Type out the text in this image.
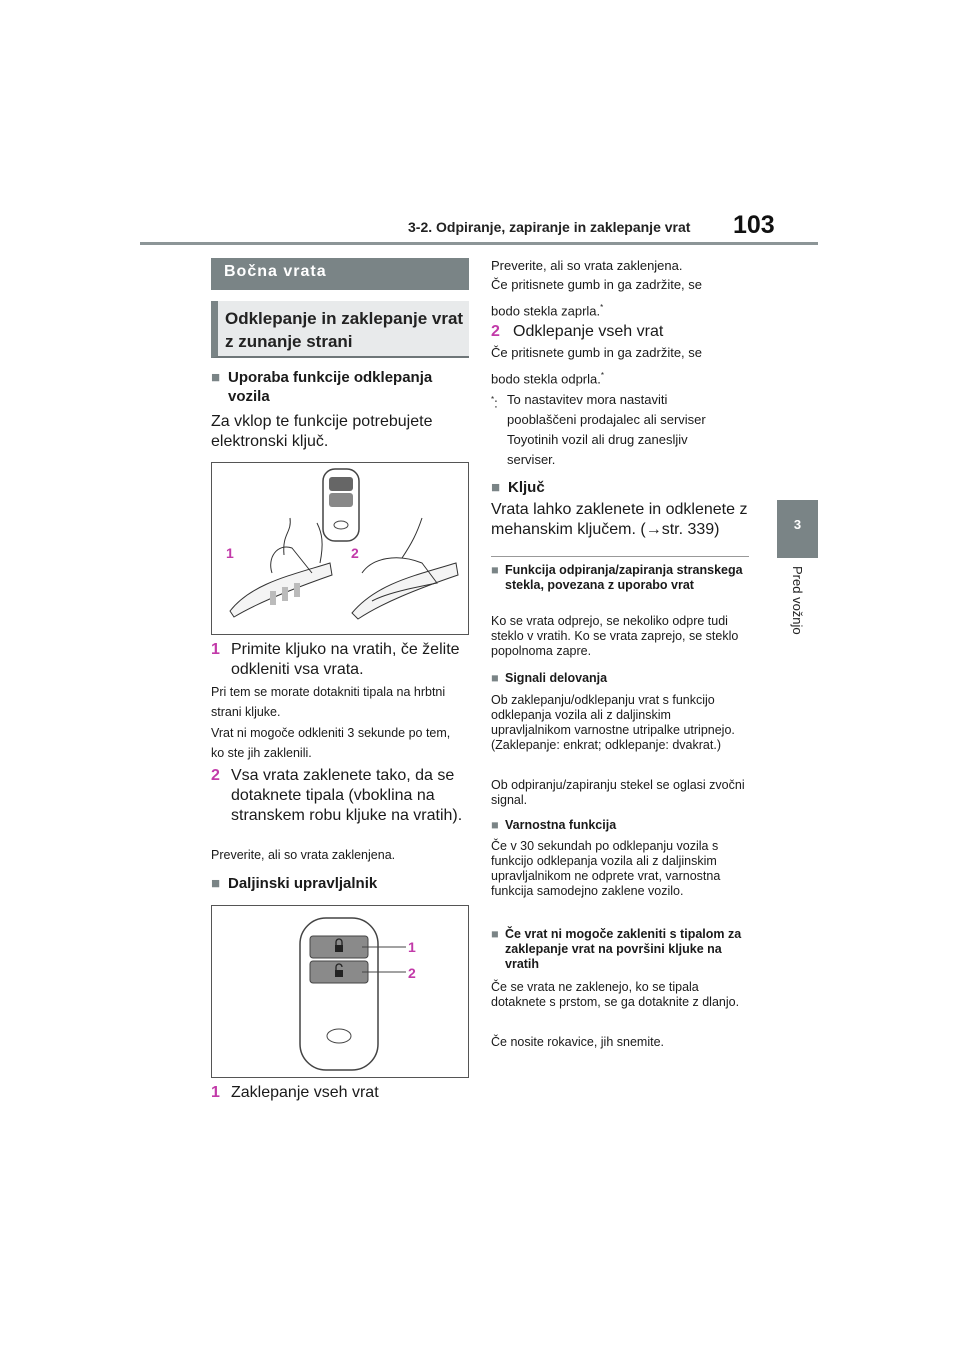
3-2. Odpiranje, zapiranje in zaklepanje vrat 103
3
Pred vožnjo
Bočna vrata
Odklepanje in zaklepanje vrat z zunanje strani
■ Uporaba funkcije odklepanja vozila
Za vklop te funkcije potrebujete elektronski ključ.
1	2
1 Primite kljuko na vratih, če želite odkleniti vsa vrata.
Pri tem se morate dotakniti tipala na hrbtni strani kljuke.
Vrat ni mogoče odkleniti 3 sekunde po tem, ko ste jih zaklenili.
2 Vsa vrata zaklenete tako, da se dotaknete tipala (vboklina na stranskem robu kljuke na vratih).
Preverite, ali so vrata zaklenjena.
■ Daljinski upravljalnik
1
2
1 Zaklepanje vseh vrat
Preverite, ali so vrata zaklenjena.
Če pritisnete gumb in ga zadržite, se
bodo stekla zaprla.*
2 Odklepanje vseh vrat
Če pritisnete gumb in ga zadržite, se
bodo stekla odprla.*
*: To nastavitev mora nastaviti
pooblaščeni prodajalec ali serviser
Toyotinih vozil ali drug zanesljiv
serviser.
■ Ključ
Vrata lahko zaklenete in odklenete z mehanskim ključem. (→str. 339)
■ Funkcija odpiranja/zapiranja stranskega stekla, povezana z uporabo vrat
Ko se vrata odprejo, se nekoliko odpre tudi steklo v vratih. Ko se vrata zaprejo, se steklo popolnoma zapre.
■ Signali delovanja
Ob zaklepanju/odklepanju vrat s funkcijo odklepanja vozila ali z daljinskim upravljalnikom varnostne utripalke utripnejo. (Zaklepanje: enkrat; odklepanje: dvakrat.)
Ob odpiranju/zapiranju stekel se oglasi zvočni signal.
■ Varnostna funkcija
Če v 30 sekundah po odklepanju vozila s funkcijo odklepanja vozila ali z daljinskim upravljalnikom ne odprete vrat, varnostna funkcija samodejno zaklene vozilo.
■ Če vrat ni mogoče zakleniti s tipalom za zaklepanje vrat na površini kljuke na vratih
Če se vrata ne zaklenejo, ko se tipala dotaknete s prstom, se ga dotaknite z dlanjo.
Če nosite rokavice, jih snemite.
